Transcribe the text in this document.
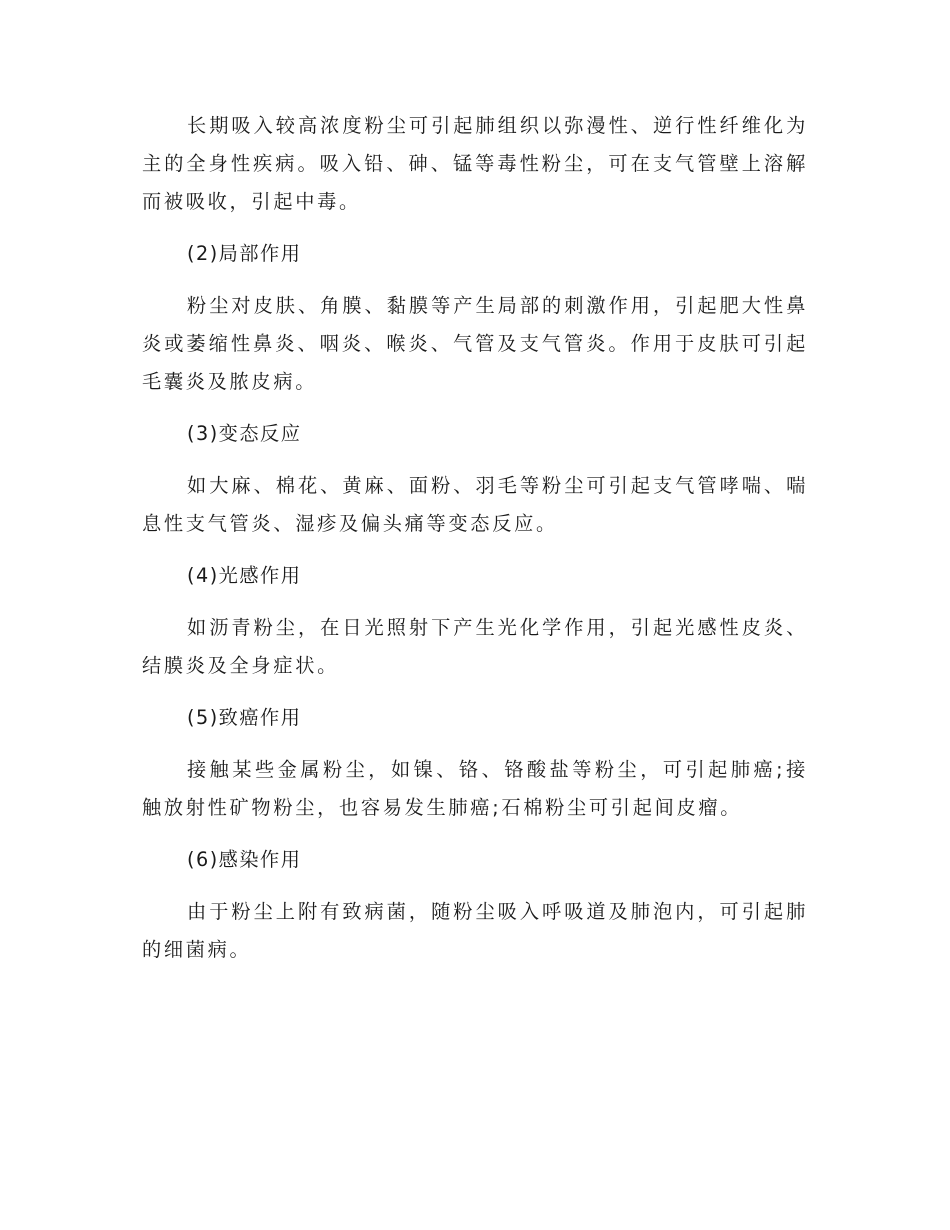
长期吸入较高浓度粉尘可引起肺组织以弥漫性、逆行性纤维化为主的全身性疾病。吸入铅、砷、锰等毒性粉尘，可在支气管壁上溶解而被吸收，引起中毒。

(2)局部作用

粉尘对皮肤、角膜、黏膜等产生局部的刺激作用，引起肥大性鼻炎或萎缩性鼻炎、咽炎、喉炎、气管及支气管炎。作用于皮肤可引起毛囊炎及脓皮病。

(3)变态反应

如大麻、棉花、黄麻、面粉、羽毛等粉尘可引起支气管哮喘、喘息性支气管炎、湿疹及偏头痛等变态反应。

(4)光感作用

如沥青粉尘，在日光照射下产生光化学作用，引起光感性皮炎、结膜炎及全身症状。

(5)致癌作用

接触某些金属粉尘，如镍、铬、铬酸盐等粉尘，可引起肺癌;接触放射性矿物粉尘，也容易发生肺癌;石棉粉尘可引起间皮瘤。

(6)感染作用

由于粉尘上附有致病菌，随粉尘吸入呼吸道及肺泡内，可引起肺的细菌病。
